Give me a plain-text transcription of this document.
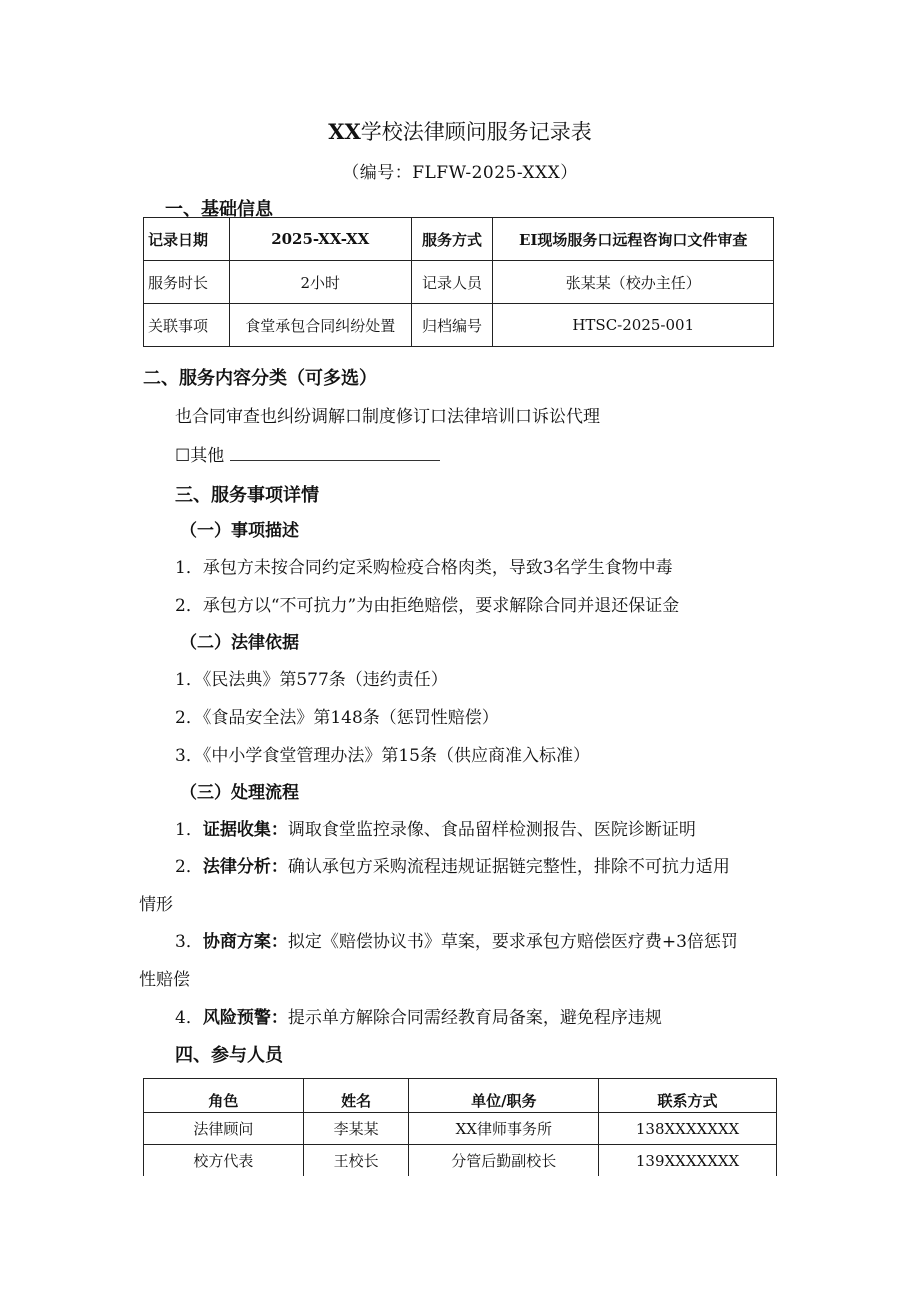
XX学校法律顾问服务记录表
（编号：FLFW-2025-XXX）
一、基础信息
记录日期	2025-XX-XX	服务方式	EI现场服务口远程咨询口文件审查
服务时长	2小时	记录人员	张某某（校办主任）
关联事项	食堂承包合同纠纷处置	归档编号	HTSC-2025-001
二、服务内容分类（可多选）
也合同审查也纠纷调解口制度修订口法律培训口诉讼代理
☐其他
三、服务事项详情
（一）事项描述
1．承包方未按合同约定采购检疫合格肉类，导致3名学生食物中毒
2．承包方以“不可抗力”为由拒绝赔偿，要求解除合同并退还保证金
（二）法律依据
1．《民法典》第577条（违约责任）
2．《食品安全法》第148条（惩罚性赔偿）
3．《中小学食堂管理办法》第15条（供应商准入标准）
（三）处理流程
1．证据收集：调取食堂监控录像、食品留样检测报告、医院诊断证明
2．法律分析：确认承包方采购流程违规证据链完整性，排除不可抗力适用
情形
3．协商方案：拟定《赔偿协议书》草案，要求承包方赔偿医疗费+3倍惩罚
性赔偿
4．风险预警：提示单方解除合同需经教育局备案，避免程序违规
四、参与人员
角色	姓名	单位/职务	联系方式
法律顾问	李某某	XX律师事务所	138XXXXXXX
校方代表	王校长	分管后勤副校长	139XXXXXXX
